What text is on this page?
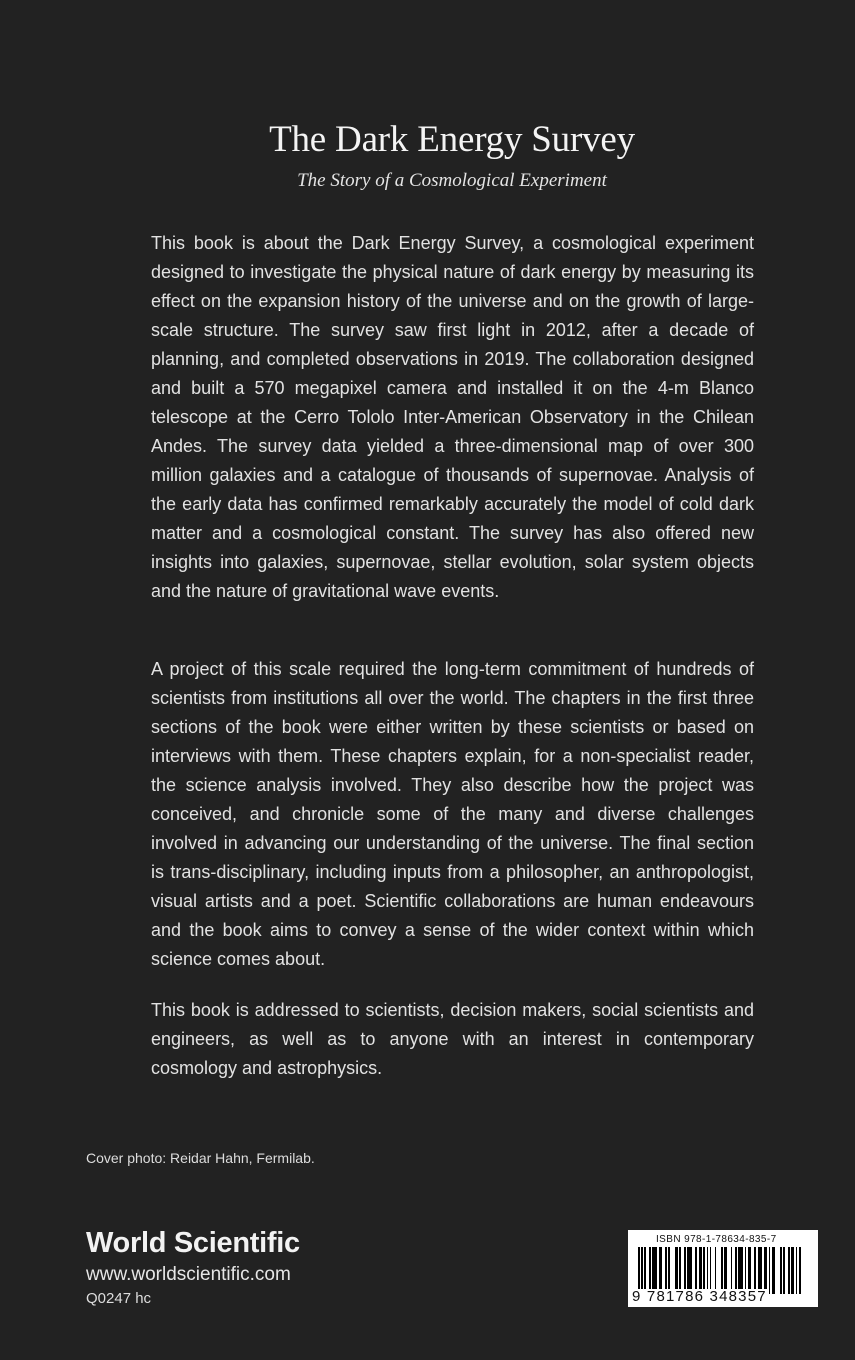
The Dark Energy Survey
The Story of a Cosmological Experiment

This book is about the Dark Energy Survey, a cosmological experiment designed to investigate the physical nature of dark energy by measuring its effect on the expansion history of the universe and on the growth of large-scale structure. The survey saw first light in 2012, after a decade of planning, and completed observations in 2019. The collaboration designed and built a 570 megapixel camera and installed it on the 4-m Blanco telescope at the Cerro Tololo Inter-American Observatory in the Chilean Andes. The survey data yielded a three-dimensional map of over 300 million galaxies and a catalogue of thousands of supernovae. Analysis of the early data has confirmed remarkably accurately the model of cold dark matter and a cosmological constant. The survey has also offered new insights into galaxies, supernovae, stellar evolution, solar system objects and the nature of gravitational wave events.

A project of this scale required the long-term commitment of hundreds of scientists from institutions all over the world. The chapters in the first three sections of the book were either written by these scientists or based on interviews with them. These chapters explain, for a non-specialist reader, the science analysis involved. They also describe how the project was conceived, and chronicle some of the many and diverse challenges involved in advancing our understanding of the universe. The final section is trans-disciplinary, including inputs from a philosopher, an anthropologist, visual artists and a poet. Scientific collaborations are human endeavours and the book aims to convey a sense of the wider context within which science comes about.

This book is addressed to scientists, decision makers, social scientists and engineers, as well as to anyone with an interest in contemporary cosmology and astrophysics.

Cover photo: Reidar Hahn, Fermilab.
World Scientific
www.worldscientific.com
Q0247 hc
ISBN 978-1-78634-835-7
9 781786 348357
